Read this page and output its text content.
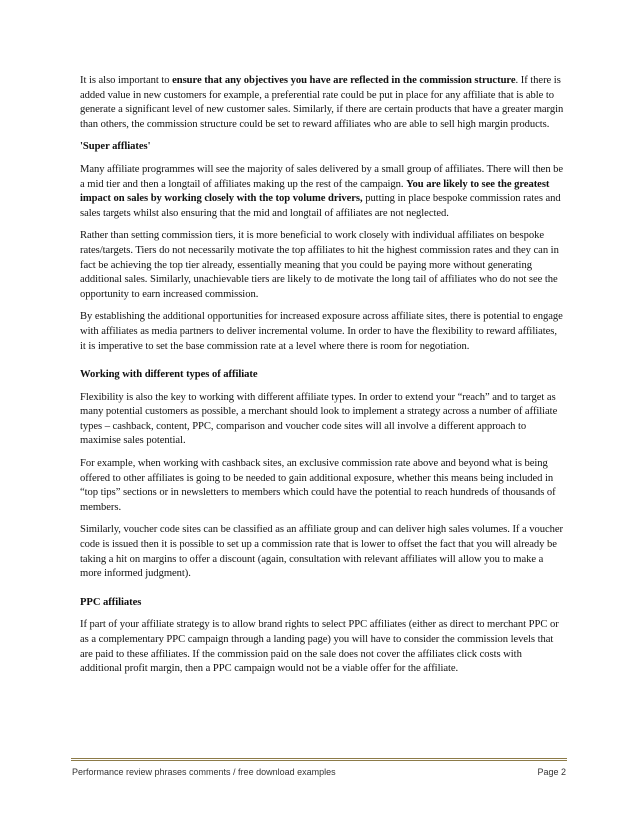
It is also important to ensure that any objectives you have are reflected in the commission structure. If there is added value in new customers for example, a preferential rate could be put in place for any affiliate that is able to generate a significant level of new customer sales. Similarly, if there are certain products that have a greater margin than others, the commission structure could be set to reward affiliates who are able to sell high margin products.

'Super affliates'

Many affiliate programmes will see the majority of sales delivered by a small group of affiliates. There will then be a mid tier and then a longtail of affiliates making up the rest of the campaign. You are likely to see the greatest impact on sales by working closely with the top volume drivers, putting in place bespoke commission rates and sales targets whilst also ensuring that the mid and longtail of affiliates are not neglected.

Rather than setting commission tiers, it is more beneficial to work closely with individual affiliates on bespoke rates/targets. Tiers do not necessarily motivate the top affiliates to hit the highest commission rates and they can in fact be achieving the top tier already, essentially meaning that you could be paying more without generating additional sales. Similarly, unachievable tiers are likely to de motivate the long tail of affiliates who do not see the opportunity to earn increased commission.

By establishing the additional opportunities for increased exposure across affiliate sites, there is potential to engage with affiliates as media partners to deliver incremental volume. In order to have the flexibility to reward affiliates, it is imperative to set the base commission rate at a level where there is room for negotiation.

Working with different types of affiliate

Flexibility is also the key to working with different affiliate types. In order to extend your “reach” and to target as many potential customers as possible, a merchant should look to implement a strategy across a number of affiliate types – cashback, content, PPC, comparison and voucher code sites will all involve a different approach to maximise sales potential.

For example, when working with cashback sites, an exclusive commission rate above and beyond what is being offered to other affiliates is going to be needed to gain additional exposure, whether this means being included in “top tips” sections or in newsletters to members which could have the potential to reach hundreds of thousands of members.

Similarly, voucher code sites can be classified as an affiliate group and can deliver high sales volumes. If a voucher code is issued then it is possible to set up a commission rate that is lower to offset the fact that you will already be taking a hit on margins to offer a discount (again, consultation with relevant affiliates will allow you to make a more informed judgment).

PPC affiliates

If part of your affiliate strategy is to allow brand rights to select PPC affiliates (either as direct to merchant PPC or as a complementary PPC campaign through a landing page) you will have to consider the commission levels that are paid to these affiliates. If the commission paid on the sale does not cover the affiliates click costs with additional profit margin, then a PPC campaign would not be a viable offer for the affiliate.

Performance review phrases comments / free download examples	Page 2
